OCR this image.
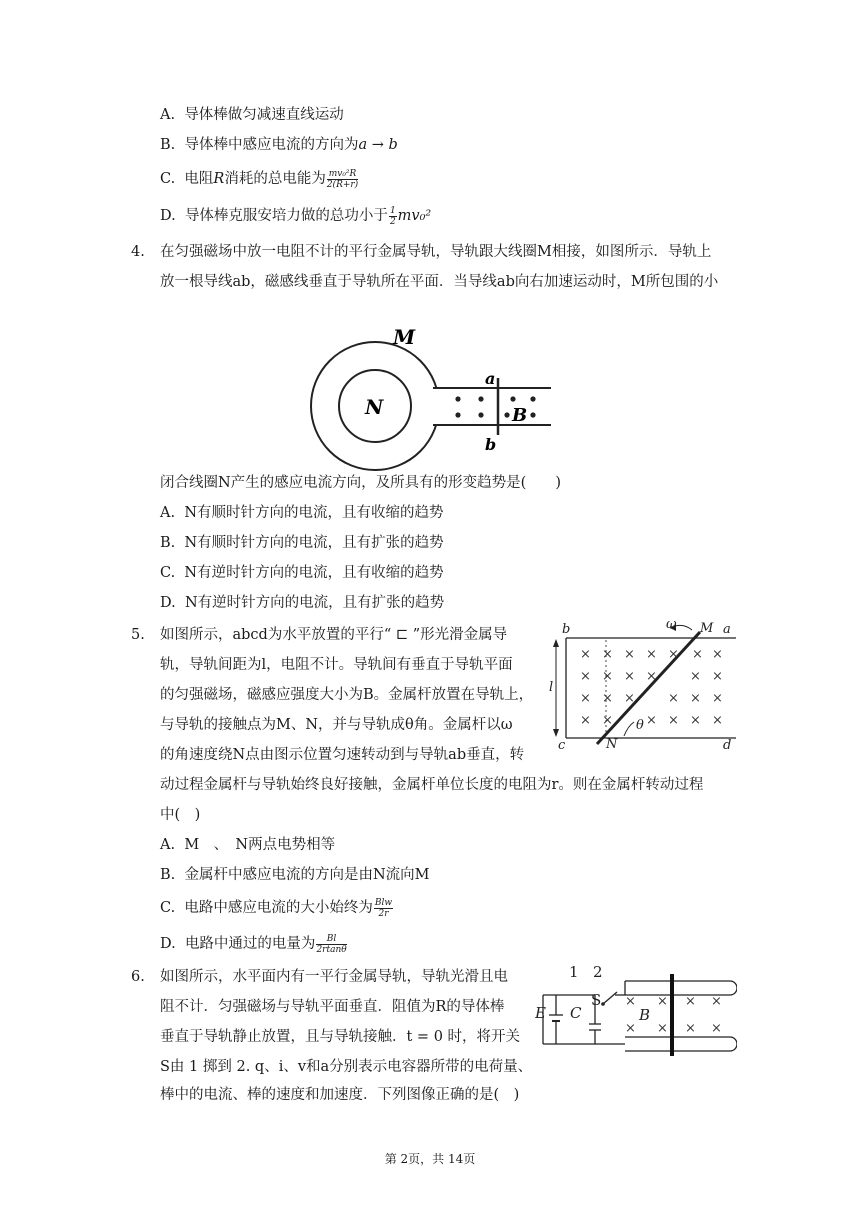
A. 导体棒做匀减速直线运动
B. 导体棒中感应电流的方向为a → b
C. 电阻R消耗的总电能为 $\frac{\text{mv₀²R}}{2(R+r)}$
D. 导体棒克服安培力做的总功小于 $\frac{1}{2} mv_0^2$
4. 在匀强磁场中放一电阻不计的平行金属导轨，导轨跟大线圈M相接，如图所示．导轨上
放一根导线ab，磁感线垂直于导轨所在平面．当导线ab向右加速运动时，M所包围的小
M
N
a
b
B
闭合线圈N产生的感应电流方向，及所具有的形变趋势是(　　)
A. N有顺时针方向的电流，且有收缩的趋势
B. N有顺时针方向的电流，且有扩张的趋势
C. N有逆时针方向的电流，且有收缩的趋势
D. N有逆时针方向的电流，且有扩张的趋势
5. 如图所示，abcd为水平放置的平行“ ⊏ ”形光滑金属导
轨，导轨间距为l，电阻不计。导轨间有垂直于导轨平面
的匀强磁场，磁感应强度大小为B。金属杆放置在导轨上，
与导轨的接触点为M、N，并与导轨成θ角。金属杆以ω
的角速度绕N点由图示位置匀速转动到与导轨ab垂直，转
动过程金属杆与导轨始终良好接触，金属杆单位长度的电阻为r。则在金属杆转动过程
中(　)
× × × × × × ×
× × × ×	× ×
× × ×	× × ×
× ×	× × × ×
b	a
c	d
l
M
N
ω
θ
A. M　、　N两点电势相等
B. 金属杆中感应电流的方向是由N流向M
C. 电路中感应电流的大小始终为 $\frac{\text{Blw}}{2r}$
D. 电路中通过的电量为 $\frac{Bl}{2rtan\theta}$
6. 如图所示，水平面内有一平行金属导轨，导轨光滑且电
阻不计．匀强磁场与导轨平面垂直．阻值为R的导体棒
垂直于导轨静止放置，且与导轨接触．t = 0 时，将开关
S由 1 掷到 2. q、i、v和a分别表示电容器所带的电荷量、
棒中的电流、棒的速度和加速度．下列图像正确的是(　)
× × × ×
× × × ×
1 2
E C
S
B
第 2页，共 14页
